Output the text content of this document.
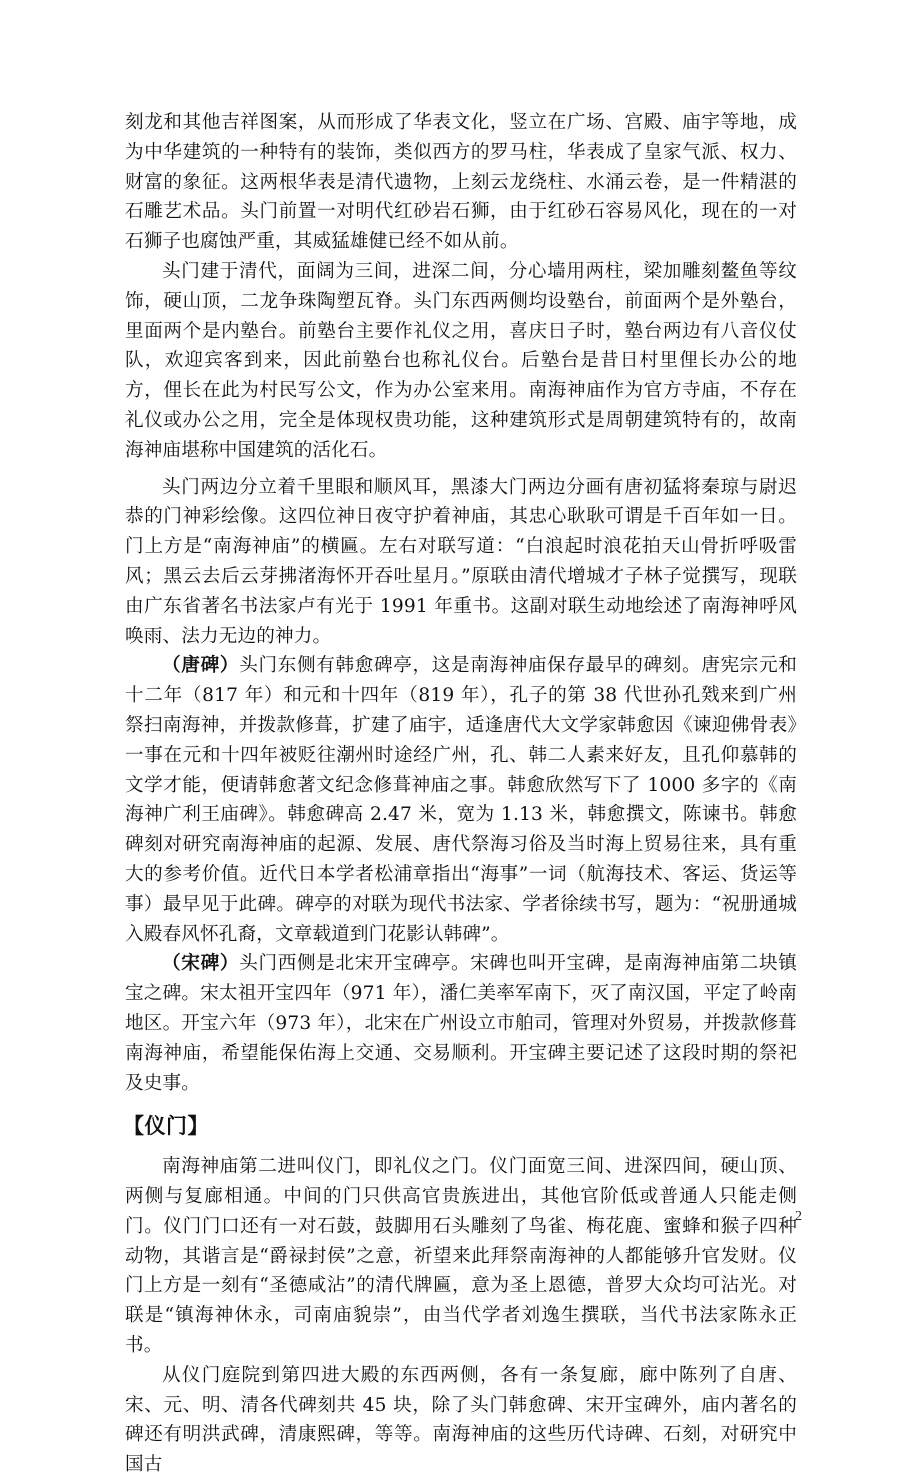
刻龙和其他吉祥图案，从而形成了华表文化，竖立在广场、宫殿、庙宇等地，成为中华建筑的一种特有的装饰，类似西方的罗马柱，华表成了皇家气派、权力、财富的象征。这两根华表是清代遗物，上刻云龙绕柱、水涌云卷，是一件精湛的石雕艺术品。头门前置一对明代红砂岩石狮，由于红砂石容易风化，现在的一对石狮子也腐蚀严重，其威猛雄健已经不如从前。

头门建于清代，面阔为三间，进深二间，分心墙用两柱，梁加雕刻鳌鱼等纹饰，硬山顶，二龙争珠陶塑瓦脊。头门东西两侧均设塾台，前面两个是外塾台，里面两个是内塾台。前塾台主要作礼仪之用，喜庆日子时，塾台两边有八音仪仗队，欢迎宾客到来，因此前塾台也称礼仪台。后塾台是昔日村里俚长办公的地方，俚长在此为村民写公文，作为办公室来用。南海神庙作为官方寺庙，不存在礼仪或办公之用，完全是体现权贵功能，这种建筑形式是周朝建筑特有的，故南海神庙堪称中国建筑的活化石。

头门两边分立着千里眼和顺风耳，黑漆大门两边分画有唐初猛将秦琼与尉迟恭的门神彩绘像。这四位神日夜守护着神庙，其忠心耿耿可谓是千百年如一日。门上方是“南海神庙”的横匾。左右对联写道：“白浪起时浪花拍天山骨折呼吸雷风；黑云去后云芽拂渚海怀开吞吐星月。”原联由清代增城才子林子觉撰写，现联由广东省著名书法家卢有光于 1991 年重书。这副对联生动地绘述了南海神呼风唤雨、法力无边的神力。

（唐碑）头门东侧有韩愈碑亭，这是南海神庙保存最早的碑刻。唐宪宗元和十二年（817 年）和元和十四年（819 年），孔子的第 38 代世孙孔戣来到广州祭扫南海神，并拨款修葺，扩建了庙宇，适逢唐代大文学家韩愈因《谏迎佛骨表》一事在元和十四年被贬往潮州时途经广州，孔、韩二人素来好友，且孔仰慕韩的文学才能，便请韩愈著文纪念修葺神庙之事。韩愈欣然写下了 1000 多字的《南海神广利王庙碑》。韩愈碑高 2.47 米，宽为 1.13 米，韩愈撰文，陈谏书。韩愈碑刻对研究南海神庙的起源、发展、唐代祭海习俗及当时海上贸易往来，具有重大的参考价值。近代日本学者松浦章指出“海事”一词（航海技术、客运、货运等事）最早见于此碑。碑亭的对联为现代书法家、学者徐续书写，题为：“祝册通城入殿春风怀孔裔，文章载道到门花影认韩碑”。

（宋碑）头门西侧是北宋开宝碑亭。宋碑也叫开宝碑，是南海神庙第二块镇宝之碑。宋太祖开宝四年（971 年），潘仁美率军南下，灭了南汉国，平定了岭南地区。开宝六年（973 年），北宋在广州设立市舶司，管理对外贸易，并拨款修葺南海神庙，希望能保佑海上交通、交易顺利。开宝碑主要记述了这段时期的祭祀及史事。

【仪门】

南海神庙第二进叫仪门，即礼仪之门。仪门面宽三间、进深四间，硬山顶、两侧与复廊相通。中间的门只供高官贵族进出，其他官阶低或普通人只能走侧门。仪门门口还有一对石鼓，鼓脚用石头雕刻了鸟雀、梅花鹿、蜜蜂和猴子四种动物，其谐言是“爵禄封侯”之意，祈望来此拜祭南海神的人都能够升官发财。仪门上方是一刻有“圣德咸沾”的清代牌匾，意为圣上恩德，普罗大众均可沾光。对联是“镇海神休永，司南庙貌崇”，由当代学者刘逸生撰联，当代书法家陈永正书。

从仪门庭院到第四进大殿的东西两侧，各有一条复廊，廊中陈列了自唐、宋、元、明、清各代碑刻共 45 块，除了头门韩愈碑、宋开宝碑外，庙内著名的碑还有明洪武碑，清康熙碑，等等。南海神庙的这些历代诗碑、石刻，对研究中国古

2
